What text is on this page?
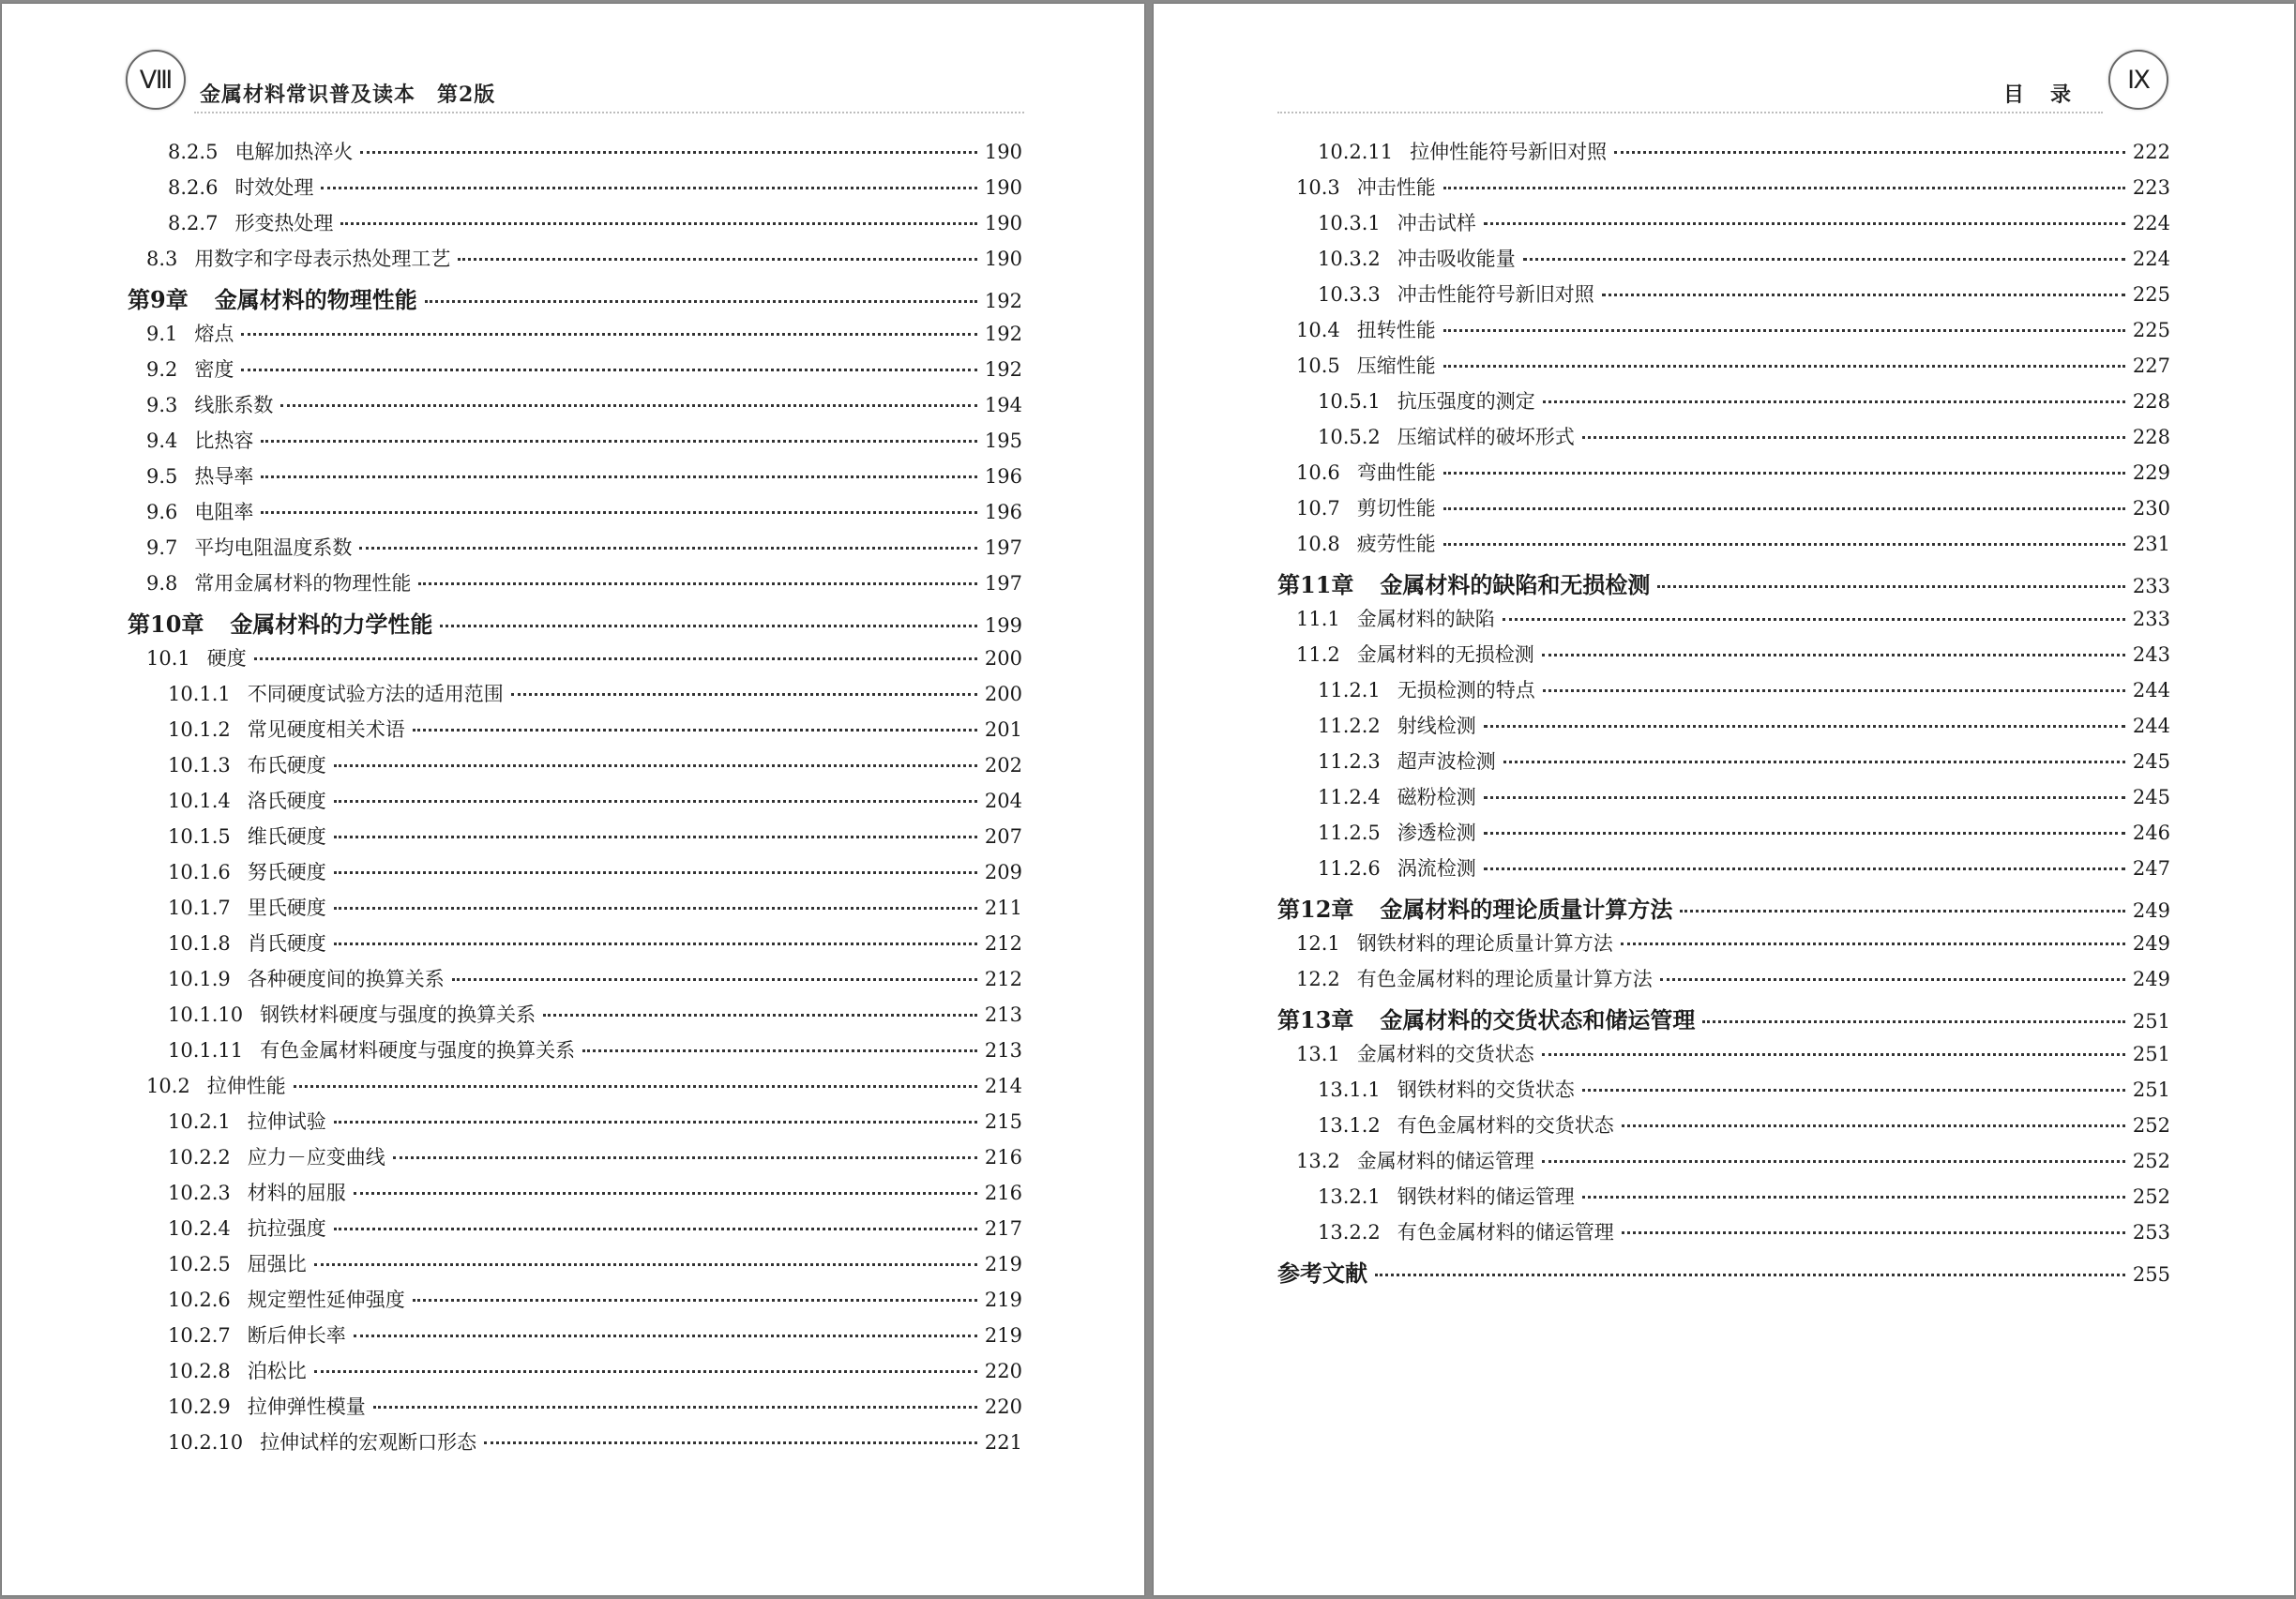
Ⅷ
金属材料常识普及读本　第2版
8.2.5 电解加热淬火	190
8.2.6 时效处理	190
8.2.7 形变热处理	190
8.3 用数字和字母表示热处理工艺	190
第9章 金属材料的物理性能	192
9.1 熔点	192
9.2 密度	192
9.3 线胀系数	194
9.4 比热容	195
9.5 热导率	196
9.6 电阻率	196
9.7 平均电阻温度系数	197
9.8 常用金属材料的物理性能	197
第10章 金属材料的力学性能	199
10.1 硬度	200
10.1.1 不同硬度试验方法的适用范围	200
10.1.2 常见硬度相关术语	201
10.1.3 布氏硬度	202
10.1.4 洛氏硬度	204
10.1.5 维氏硬度	207
10.1.6 努氏硬度	209
10.1.7 里氏硬度	211
10.1.8 肖氏硬度	212
10.1.9 各种硬度间的换算关系	212
10.1.10 钢铁材料硬度与强度的换算关系	213
10.1.11 有色金属材料硬度与强度的换算关系	213
10.2 拉伸性能	214
10.2.1 拉伸试验	215
10.2.2 应力－应变曲线	216
10.2.3 材料的屈服	216
10.2.4 抗拉强度	217
10.2.5 屈强比	219
10.2.6 规定塑性延伸强度	219
10.2.7 断后伸长率	219
10.2.8 泊松比	220
10.2.9 拉伸弹性模量	220
10.2.10 拉伸试样的宏观断口形态	221
目录
Ⅸ
10.2.11 拉伸性能符号新旧对照	222
10.3 冲击性能	223
10.3.1 冲击试样	224
10.3.2 冲击吸收能量	224
10.3.3 冲击性能符号新旧对照	225
10.4 扭转性能	225
10.5 压缩性能	227
10.5.1 抗压强度的测定	228
10.5.2 压缩试样的破坏形式	228
10.6 弯曲性能	229
10.7 剪切性能	230
10.8 疲劳性能	231
第11章 金属材料的缺陷和无损检测	233
11.1 金属材料的缺陷	233
11.2 金属材料的无损检测	243
11.2.1 无损检测的特点	244
11.2.2 射线检测	244
11.2.3 超声波检测	245
11.2.4 磁粉检测	245
11.2.5 渗透检测	246
11.2.6 涡流检测	247
第12章 金属材料的理论质量计算方法	249
12.1 钢铁材料的理论质量计算方法	249
12.2 有色金属材料的理论质量计算方法	249
第13章 金属材料的交货状态和储运管理	251
13.1 金属材料的交货状态	251
13.1.1 钢铁材料的交货状态	251
13.1.2 有色金属材料的交货状态	252
13.2 金属材料的储运管理	252
13.2.1 钢铁材料的储运管理	252
13.2.2 有色金属材料的储运管理	253
参考文献	255
